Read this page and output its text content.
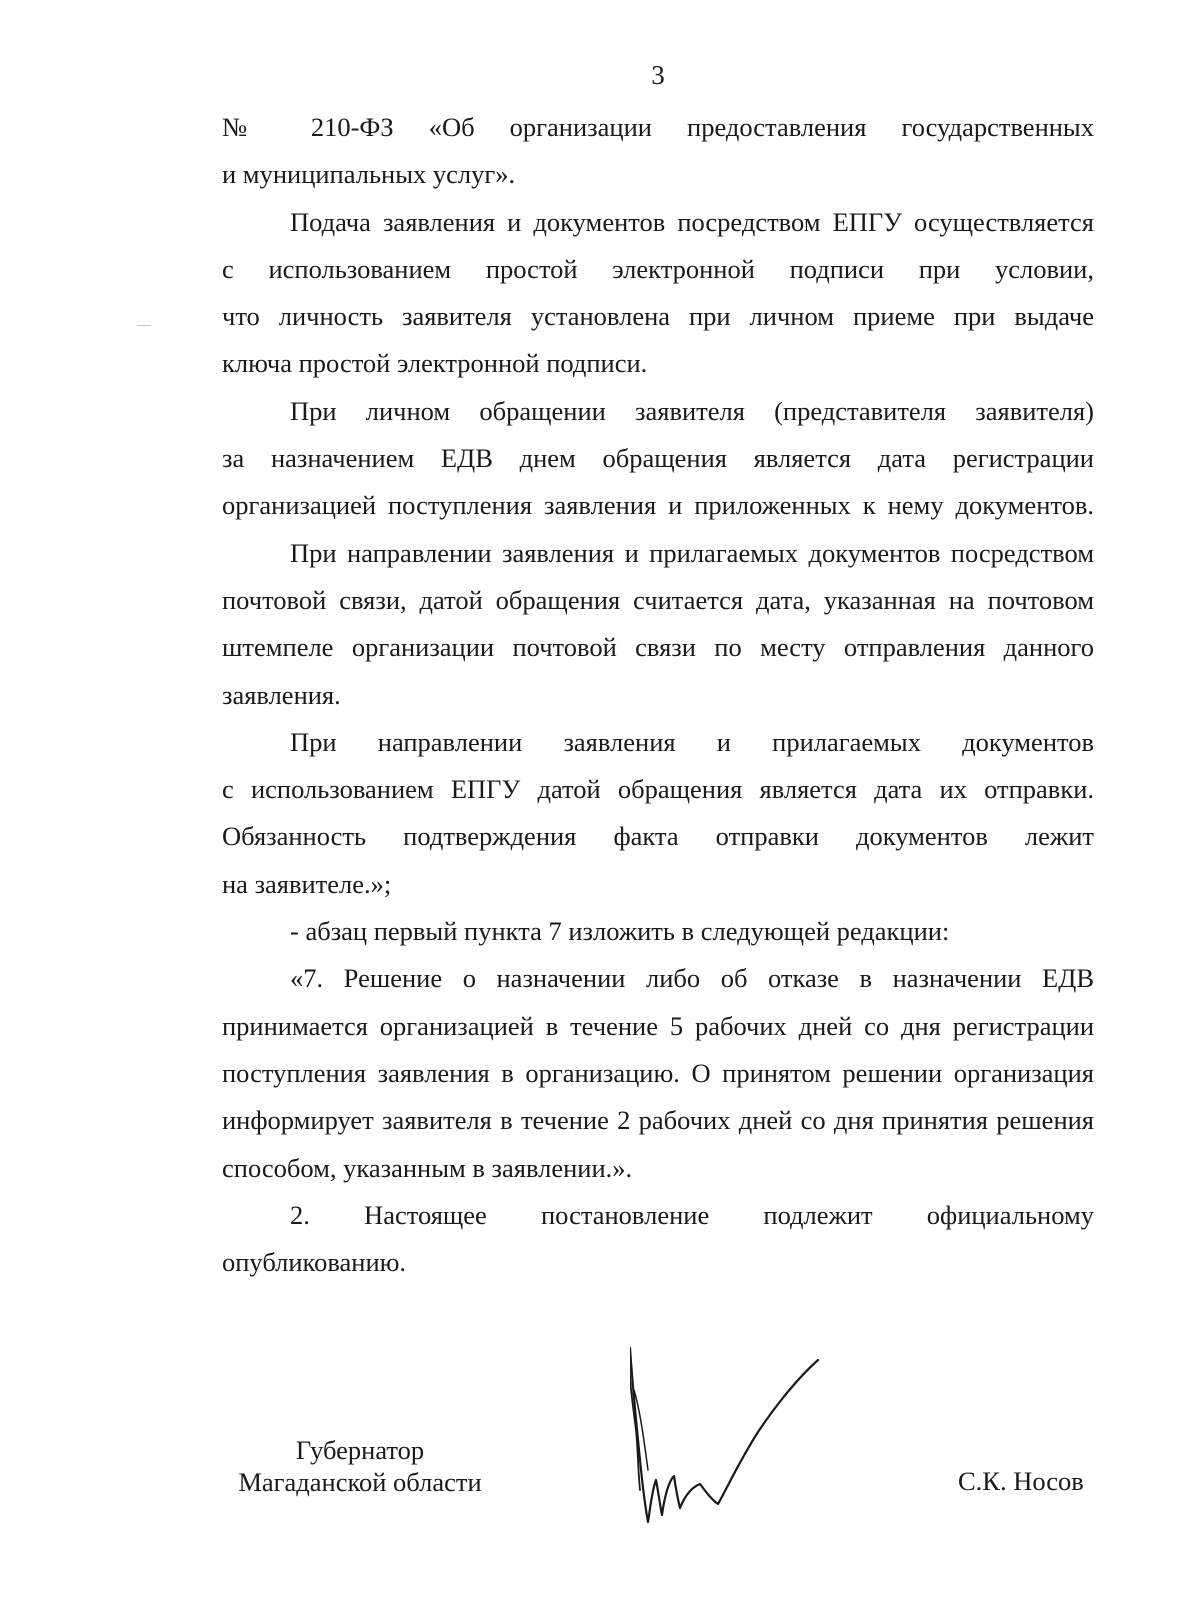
3
№ 210-ФЗ «Об организации предоставления государственных
и муниципальных услуг».
Подача заявления и документов посредством ЕПГУ осуществляется
с использованием простой электронной подписи при условии,
что личность заявителя установлена при личном приеме при выдаче
ключа простой электронной подписи.
При личном обращении заявителя (представителя заявителя)
за назначением ЕДВ днем обращения является дата регистрации
организацией поступления заявления и приложенных к нему документов.
При направлении заявления и прилагаемых документов посредством
почтовой связи, датой обращения считается дата, указанная на почтовом
штемпеле организации почтовой связи по месту отправления данного
заявления.
При направлении заявления и прилагаемых документов
с использованием ЕПГУ датой обращения является дата их отправки.
Обязанность подтверждения факта отправки документов лежит
на заявителе.»;
- абзац первый пункта 7 изложить в следующей редакции:
«7. Решение о назначении либо об отказе в назначении ЕДВ
принимается организацией в течение 5 рабочих дней со дня регистрации
поступления заявления в организацию. О принятом решении организация
информирует заявителя в течение 2 рабочих дней со дня принятия решения
способом, указанным в заявлении.».
2. Настоящее постановление подлежит официальному
опубликованию.
Губернатор
Магаданской области	С.К. Носов
